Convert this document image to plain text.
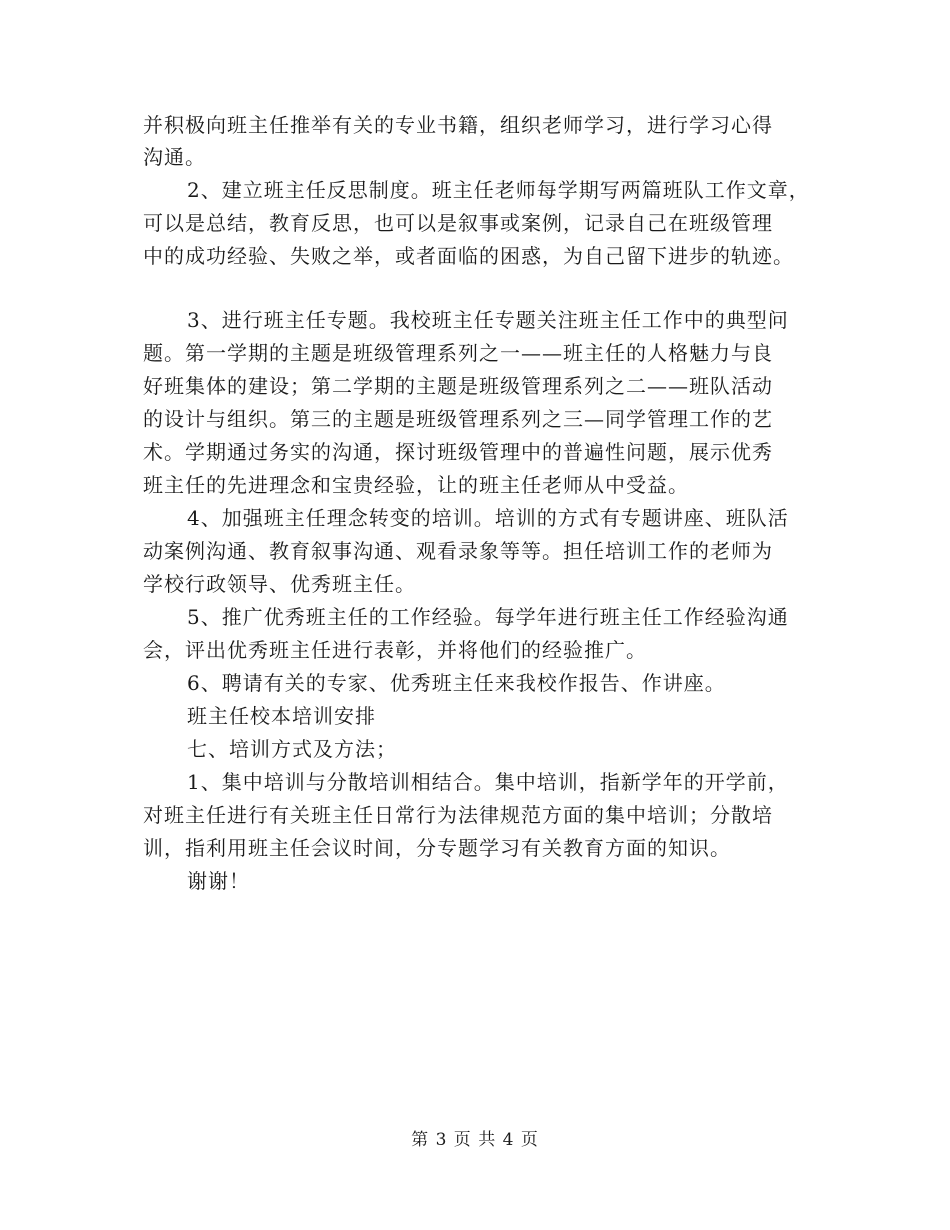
并积极向班主任推举有关的专业书籍，组织老师学习，进行学习心得
沟通。
2、建立班主任反思制度。班主任老师每学期写两篇班队工作文章，
可以是总结，教育反思，也可以是叙事或案例，记录自己在班级管理
中的成功经验、失败之举，或者面临的困惑，为自己留下进步的轨迹。
3、进行班主任专题。我校班主任专题关注班主任工作中的典型问
题。第一学期的主题是班级管理系列之一——班主任的人格魅力与良
好班集体的建设；第二学期的主题是班级管理系列之二——班队活动
的设计与组织。第三的主题是班级管理系列之三—同学管理工作的艺
术。学期通过务实的沟通，探讨班级管理中的普遍性问题，展示优秀
班主任的先进理念和宝贵经验，让的班主任老师从中受益。
4、加强班主任理念转变的培训。培训的方式有专题讲座、班队活
动案例沟通、教育叙事沟通、观看录象等等。担任培训工作的老师为
学校行政领导、优秀班主任。
5、推广优秀班主任的工作经验。每学年进行班主任工作经验沟通
会，评出优秀班主任进行表彰，并将他们的经验推广。
6、聘请有关的专家、优秀班主任来我校作报告、作讲座。
班主任校本培训安排
七、培训方式及方法；
1、集中培训与分散培训相结合。集中培训，指新学年的开学前，
对班主任进行有关班主任日常行为法律规范方面的集中培训；分散培
训，指利用班主任会议时间，分专题学习有关教育方面的知识。
谢谢！
第 3 页 共 4 页
